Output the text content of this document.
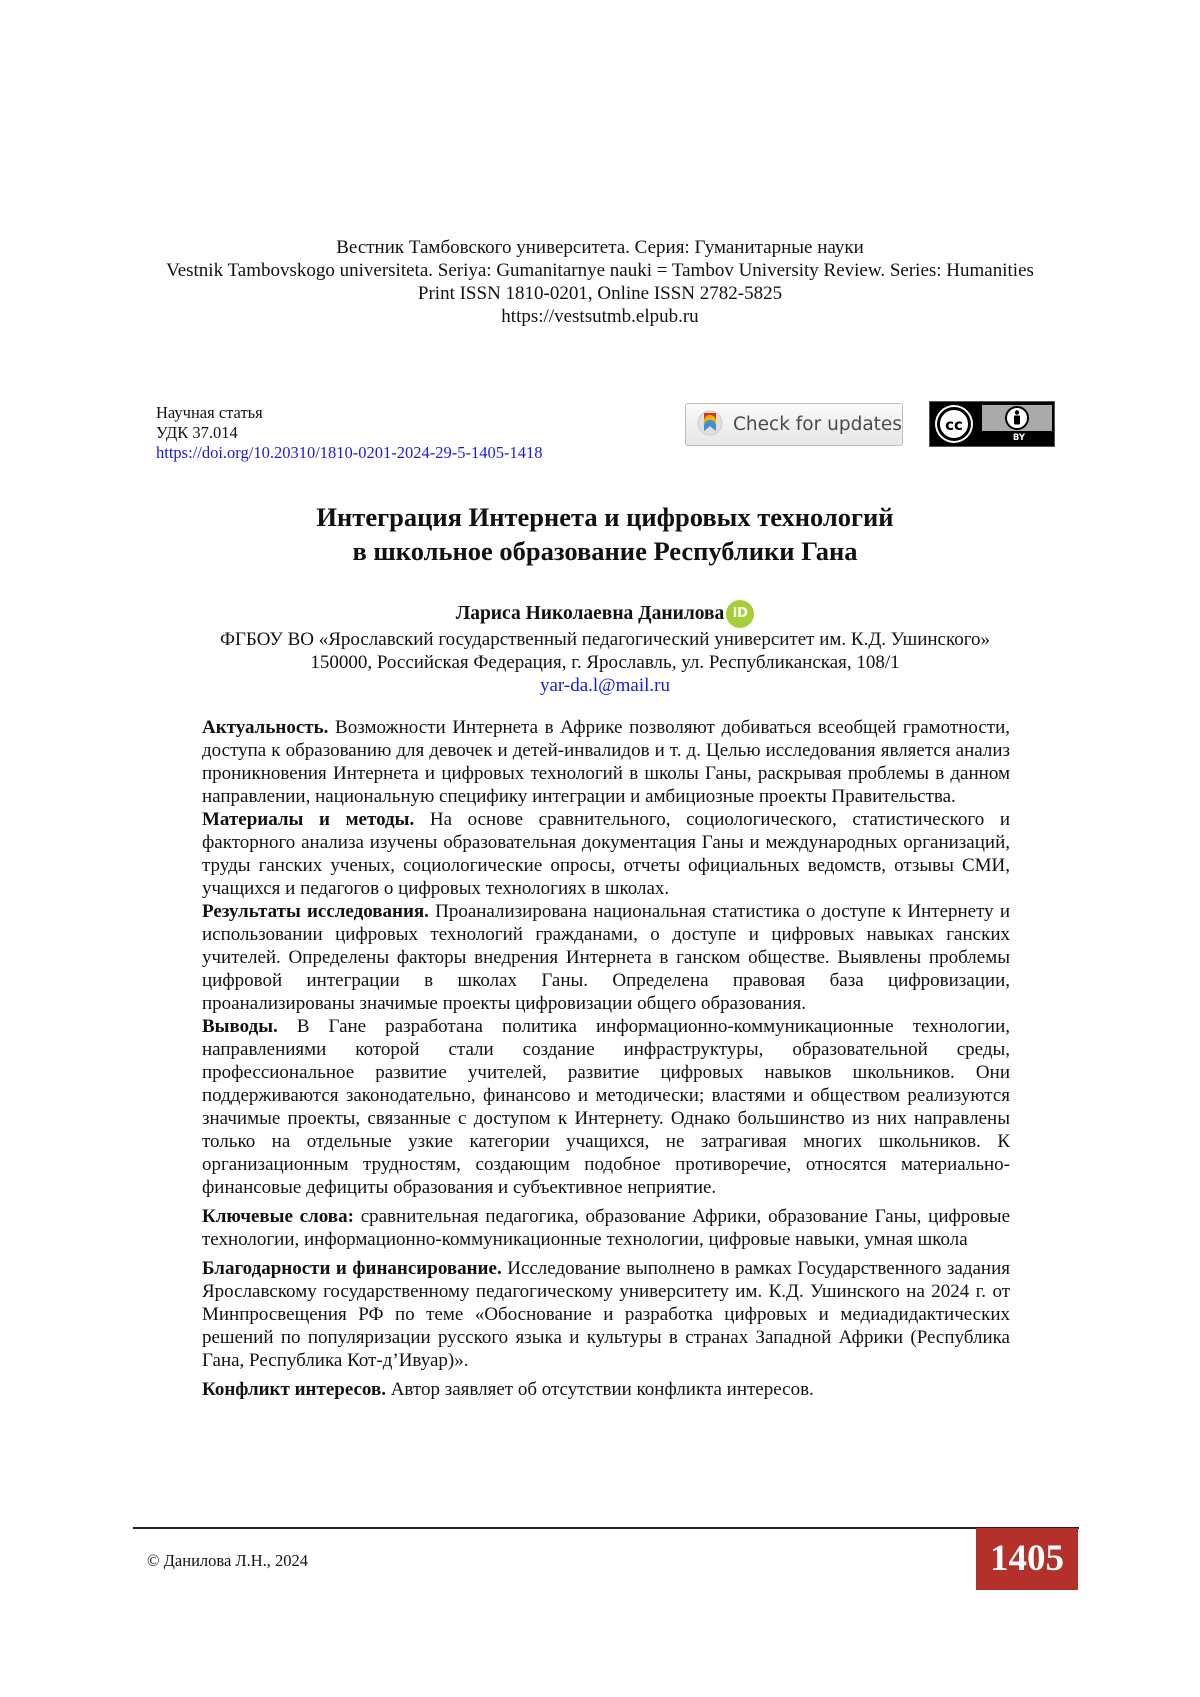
Вестник Тамбовского университета. Серия: Гуманитарные науки
Vestnik Tambovskogo universiteta. Seriya: Gumanitarnye nauki = Tambov University Review. Series: Humanities
Print ISSN 1810-0201, Online ISSN 2782-5825
https://vestsutmb.elpub.ru
Научная статья
УДК 37.014
https://doi.org/10.20310/1810-0201-2024-29-5-1405-1418
Check for updates	cc
BY
Интеграция Интернета и цифровых технологий
в школьное образование Республики Гана
Лариса Николаевна Данилова iD
ФГБОУ ВО «Ярославский государственный педагогический университет им. К.Д. Ушинского»
150000, Российская Федерация, г. Ярославль, ул. Республиканская, 108/1
yar-da.l@mail.ru

Актуальность. Возможности Интернета в Африке позволяют добиваться всеобщей грамотности, доступа к образованию для девочек и детей-инвалидов и т. д. Целью исследования является анализ проникновения Интернета и цифровых технологий в школы Ганы, раскрывая проблемы в данном направлении, национальную специфику интеграции и амбициозные проекты Правительства.

Материалы и методы. На основе сравнительного, социологического, статистического и факторного анализа изучены образовательная документация Ганы и международных организаций, труды ганских ученых, социологические опросы, отчеты официальных ведомств, отзывы СМИ, учащихся и педагогов о цифровых технологиях в школах.

Результаты исследования. Проанализирована национальная статистика о доступе к Интернету и использовании цифровых технологий гражданами, о доступе и цифровых навыках ганских учителей. Определены факторы внедрения Интернета в ганском обществе. Выявлены проблемы цифровой интеграции в школах Ганы. Определена правовая база цифровизации, проанализированы значимые проекты цифровизации общего образования.

Выводы. В Гане разработана политика информационно-коммуникационные технологии, направлениями которой стали создание инфраструктуры, образовательной среды, профессиональное развитие учителей, развитие цифровых навыков школьников. Они поддерживаются законодательно, финансово и методически; властями и обществом реализуются значимые проекты, связанные с доступом к Интернету. Однако большинство из них направлены только на отдельные узкие категории учащихся, не затрагивая многих школьников. К организационным трудностям, создающим подобное противоречие, относятся материально-финансовые дефициты образования и субъективное неприятие.

Ключевые слова: сравнительная педагогика, образование Африки, образование Ганы, цифровые технологии, информационно-коммуникационные технологии, цифровые навыки, умная школа

Благодарности и финансирование. Исследование выполнено в рамках Государственного задания Ярославскому государственному педагогическому университету им. К.Д. Ушинского на 2024 г. от Минпросвещения РФ по теме «Обоснование и разработка цифровых и медиадидактических решений по популяризации русского языка и культуры в странах Западной Африки (Республика Гана, Республика Кот-д’Ивуар)».

Конфликт интересов. Автор заявляет об отсутствии конфликта интересов.

© Данилова Л.Н., 2024	1405
